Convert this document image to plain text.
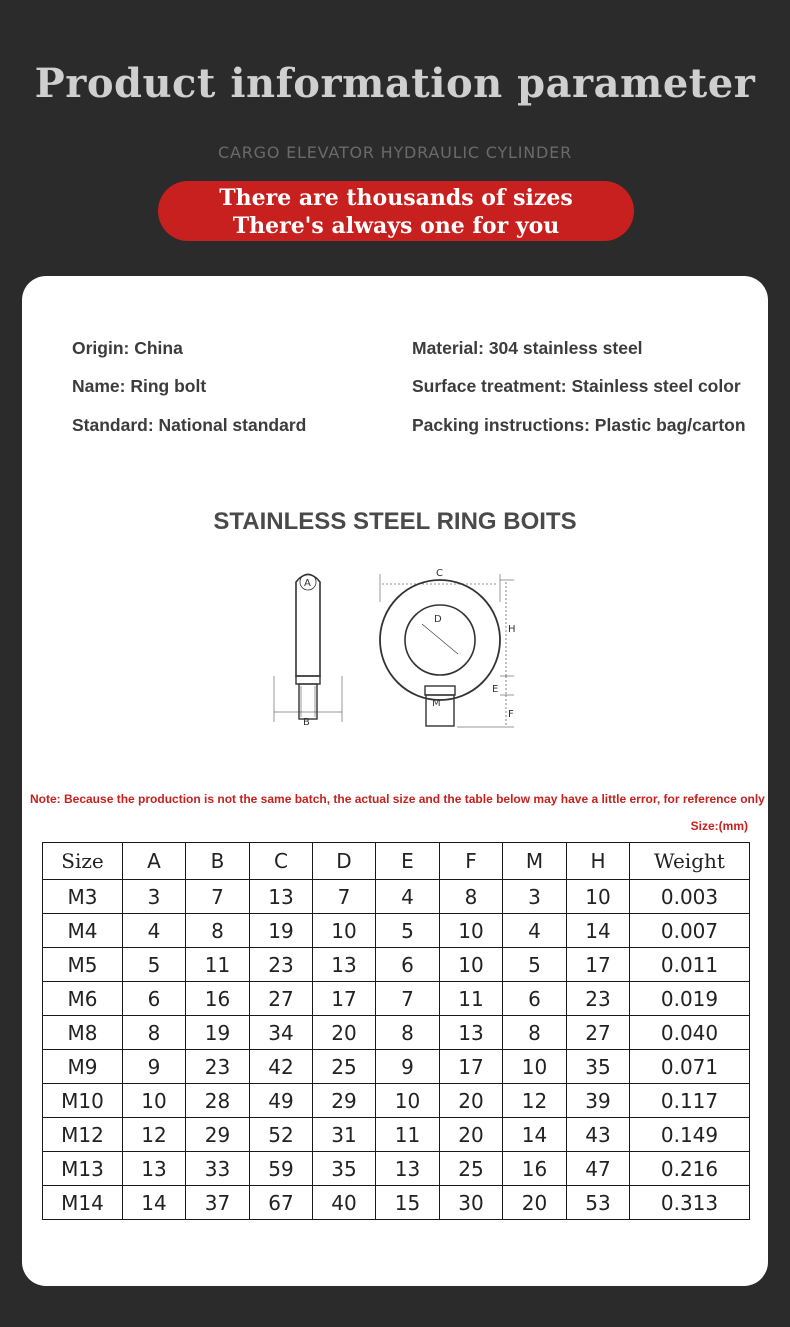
Product information parameter
CARGO ELEVATOR HYDRAULIC CYLINDER
There are thousands of sizes
There's always one for you
Origin: China
Name: Ring bolt
Standard: National standard
Material: 304 stainless steel
Surface treatment: Stainless steel color
Packing instructions: Plastic bag/carton
STAINLESS STEEL RING BOITS
A
B
C
D
M
H
E
F
Note: Because the production is not the same batch, the actual size and the table below may have a little error, for reference only
Size:(mm)
Size	A	B	C	D	E	F	M	H	Weight
M3	3	7	13	7	4	8	3	10	0.003
M4	4	8	19	10	5	10	4	14	0.007
M5	5	11	23	13	6	10	5	17	0.011
M6	6	16	27	17	7	11	6	23	0.019
M8	8	19	34	20	8	13	8	27	0.040
M9	9	23	42	25	9	17	10	35	0.071
M10	10	28	49	29	10	20	12	39	0.117
M12	12	29	52	31	11	20	14	43	0.149
M13	13	33	59	35	13	25	16	47	0.216
M14	14	37	67	40	15	30	20	53	0.313
